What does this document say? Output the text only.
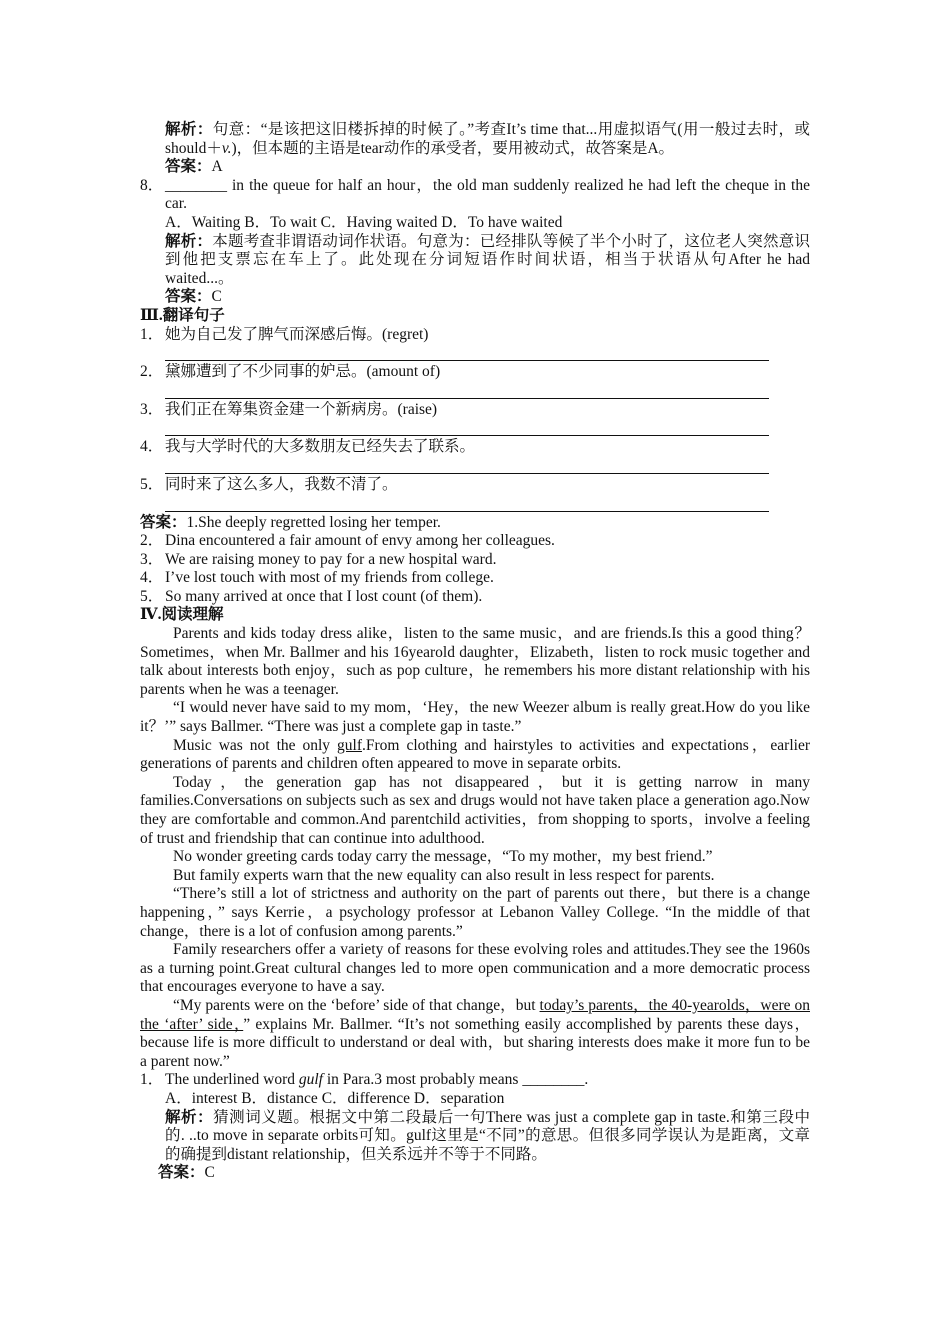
解析：句意：“是该把这旧楼拆掉的时候了。”考查It’s time that...用虚拟语气(用一般过去时，或should＋v.)，但本题的主语是tear动作的承受者，要用被动式，故答案是A。

答案：A

8． ________ in the queue for half an hour，the old man suddenly realized he had left the cheque in the car.

A．Waiting B．To wait C．Having waited D．To have waited

解析：本题考查非谓语动词作状语。句意为：已经排队等候了半个小时了，这位老人突然意识到他把支票忘在车上了。此处现在分词短语作时间状语，相当于状语从句After he had waited...。

答案：C

Ⅲ.翻译句子

1． 她为自己发了脾气而深感后悔。(regret)

2． 黛娜遭到了不少同事的妒忌。(amount of)

3． 我们正在筹集资金建一个新病房。(raise)

4． 我与大学时代的大多数朋友已经失去了联系。

5． 同时来了这么多人，我数不清了。

答案：1.She deeply regretted losing her temper.

2． Dina encountered a fair amount of envy among her colleagues.

3． We are raising money to pay for a new hospital ward.

4． I’ve lost touch with most of my friends from college.

5． So many arrived at once that I lost count (of them).

Ⅳ.阅读理解

Parents and kids today dress alike，listen to the same music，and are friends.Is this a good thing？Sometimes，when Mr. Ballmer and his 16yearold daughter，Elizabeth，listen to rock music together and talk about interests both enjoy，such as pop culture，he remembers his more distant relationship with his parents when he was a teenager.

“I would never have said to my mom，‘Hey，the new Weezer album is really great.How do you like it？’” says Ballmer. “There was just a complete gap in taste.”

Music was not the only gulf.From clothing and hairstyles to activities and expectations，earlier generations of parents and children often appeared to move in separate orbits.

Today，the generation gap has not disappeared，but it is getting narrow in many families.Conversations on subjects such as sex and drugs would not have taken place a generation ago.Now they are comfortable and common.And parentchild activities，from shopping to sports，involve a feeling of trust and friendship that can continue into adulthood.

No wonder greeting cards today carry the message，“To my mother，my best friend.”

But family experts warn that the new equality can also result in less respect for parents.

“There’s still a lot of strictness and authority on the part of parents out there，but there is a change happening，” says Kerrie，a psychology professor at Lebanon Valley College. “In the middle of that change，there is a lot of confusion among parents.”

Family researchers offer a variety of reasons for these evolving roles and attitudes.They see the 1960s as a turning point.Great cultural changes led to more open communication and a more democratic process that encourages everyone to have a say.

“My parents were on the ‘before’ side of that change，but today’s parents，the 40-yearolds，were on the ‘after’ side，” explains Mr. Ballmer. “It’s not something easily accomplished by parents these days，because life is more difficult to understand or deal with，but sharing interests does make it more fun to be a parent now.”

1． The underlined word gulf in Para.3 most probably means ________.

A．interest B．distance C．difference D．separation

解析：猜测词义题。根据文中第二段最后一句There was just a complete gap in taste.和第三段中的. ..to move in separate orbits可知。gulf这里是“不同”的意思。但很多同学误认为是距离，文章的确提到distant relationship，但关系远并不等于不同路。

答案：C
